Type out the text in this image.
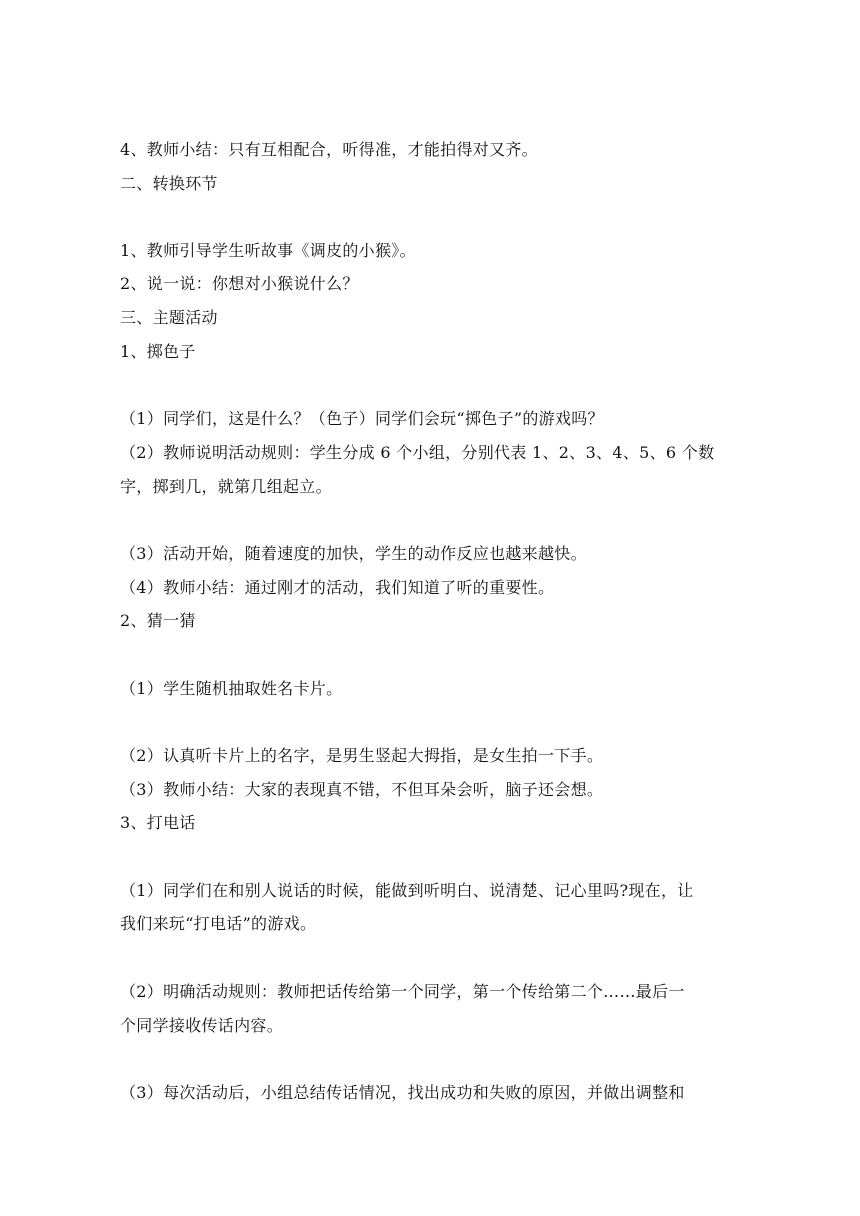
4、教师小结：只有互相配合，听得准，才能拍得对又齐。
二、转换环节
1、教师引导学生听故事《调皮的小猴》。
2、说一说：你想对小猴说什么？
三、主题活动
1、掷色子
（1）同学们，这是什么？（色子）同学们会玩“掷色子”的游戏吗？
（2）教师说明活动规则：学生分成 6 个小组，分别代表 1、2、3、4、5、6 个数
字，掷到几，就第几组起立。
（3）活动开始，随着速度的加快，学生的动作反应也越来越快。
（4）教师小结：通过刚才的活动，我们知道了听的重要性。
2、猜一猜
（1）学生随机抽取姓名卡片。
（2）认真听卡片上的名字，是男生竖起大拇指，是女生拍一下手。
（3）教师小结：大家的表现真不错，不但耳朵会听，脑子还会想。
3、打电话
（1）同学们在和别人说话的时候，能做到听明白、说清楚、记心里吗?现在，让
我们来玩“打电话”的游戏。
（2）明确活动规则：教师把话传给第一个同学，第一个传给第二个……最后一
个同学接收传话内容。
（3）每次活动后，小组总结传话情况，找出成功和失败的原因，并做出调整和
